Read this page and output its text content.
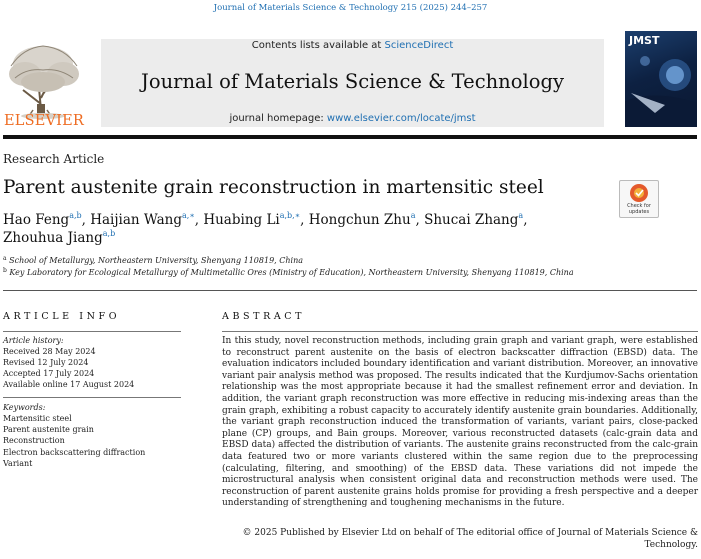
Journal of Materials Science & Technology 215 (2025) 244–257
ELSEVIER
Contents lists available at ScienceDirect
Journal of Materials Science & Technology
journal homepage: www.elsevier.com/locate/jmst
JMST
Research Article
Parent austenite grain reconstruction in martensitic steel
Check for updates
Hao Feng$^{a,b}$, Haijian Wang$^{a,∗}$, Huabing $Li^{a,b,∗}$, Hongchun Zhu$^a$, Shucai Zhang$^a$,
Zhouhua Jiang$^{a,b}$
$^a$ School of Metallurgy, Northeastern University, Shenyang 110819, China
$^b$ Key Laboratory for Ecological Metallurgy of Multimetallic Ores (Ministry of Education), Northeastern University, Shenyang 110819, China
ARTICLE INFO	ABSTRACT
Article history:
Received 28 May 2024
Revised 12 July 2024
Accepted 17 July 2024
Available online 17 August 2024
Keywords:
Martensitic steel
Parent austenite grain
Reconstruction
Electron backscattering diffraction
Variant

In this study, novel reconstruction methods, including grain graph and variant graph, were established to reconstruct parent austenite on the basis of electron backscatter diffraction (EBSD) data. The evaluation indicators included boundary identification and variant distribution. Moreover, an innovative variant pair analysis method was proposed. The results indicated that the Kurdjumov-Sachs orientation relationship was the most appropriate because it had the smallest refinement error and deviation. In addition, the variant graph reconstruction was more effective in reducing mis-indexing areas than the grain graph, exhibiting a robust capacity to accurately identify austenite grain boundaries. Additionally, the variant graph reconstruction induced the transformation of variants, variant pairs, close-packed plane (CP) groups, and Bain groups. Moreover, various reconstructed datasets (calc-grain data and EBSD data) affected the distribution of variants. The austenite grains reconstructed from the calc-grain data featured two or more variants clustered within the same region due to the preprocessing (calculating, filtering, and smoothing) of the EBSD data. These variations did not impede the microstructural analysis when consistent original data and reconstruction methods were used. The reconstruction of parent austenite grains holds promise for providing a fresh perspective and a deeper understanding of strengthening and toughening mechanisms in the future.

© 2025 Published by Elsevier Ltd on behalf of The editorial office of Journal of Materials Science & Technology.
